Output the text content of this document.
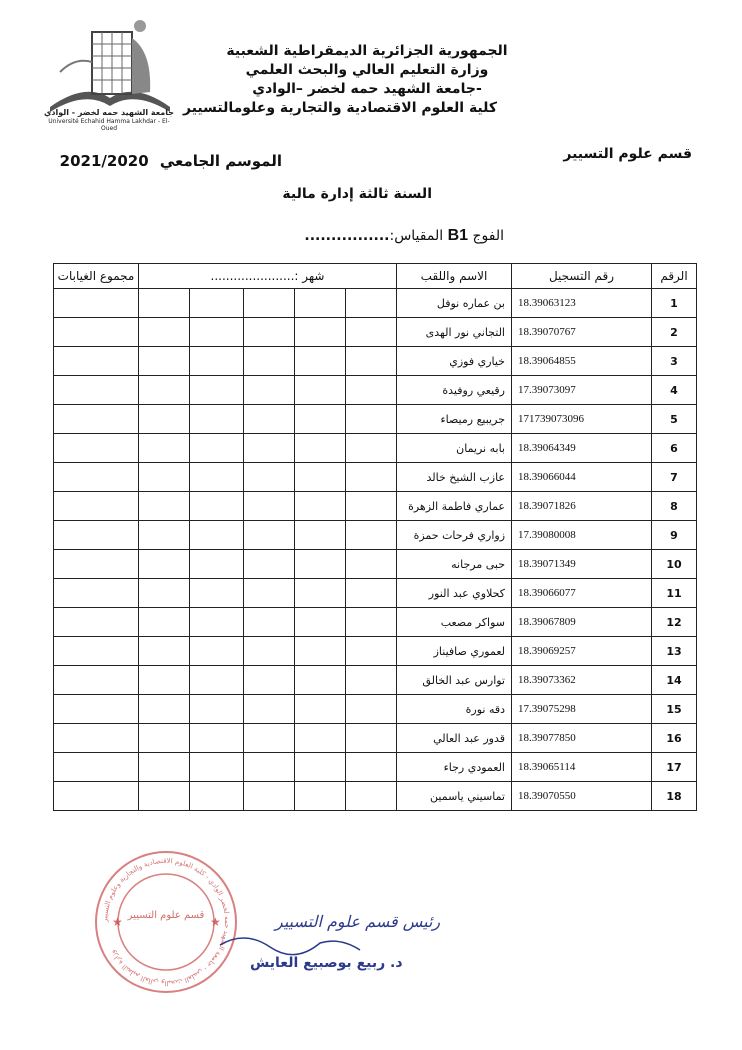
جامعة الشهيد حمه لخضر - الوادي
Université Echahid Hamma Lakhdar - El-Oued
الجمهورية الجزائرية الديمقراطية الشعبية
وزارة التعليم العالي والبحث العلمي
جامعة الشهيد حمه لخضر –الوادي-
كلية العلوم الاقتصادية والتجارية وعلومالتسيير
قسم علوم التسيير
الموسم الجامعي 2021/2020
السنة ثالثة إدارة مالية
الفوج B1 المقياس:................
الرقم	رقم التسجيل	الاسم واللقب	شهر :......................					مجموع الغيابات
1	18.39063123	بن عماره نوفل						
2	18.39070767	التجاني نور الهدى						
3	18.39064855	خياري فوزي						
4	17.39073097	رقيعي روفيدة						
5	171739073096	جريبيع رميصاء						
6	18.39064349	بابه نريمان						
7	18.39066044	عازب الشيخ خالد						
8	18.39071826	عماري فاطمة الزهرة						
9	17.39080008	زواري فرحات حمزة						
10	18.39071349	حبى مرجانه						
11	18.39066077	كحلاوي عبد النور						
12	18.39067809	سواكر مصعب						
13	18.39069257	لعموري صافيناز						
14	18.39073362	توارس عبد الخالق						
15	17.39075298	دقه نورة						
16	18.39077850	قدور عبد العالي						
17	18.39065114	العمودي رجاء						
18	18.39070550	تماسيني ياسمين						
وزارة التعليم العالي والبحث العلمي - جامعة الشهيد حمه لخضر الوادي - كلية العلوم الاقتصادية والتجارية وعلوم التسيير
قسم علوم التسيير
★	★	رئيس قسم علوم التسيير
د. ربيع بوصبيع العايش
